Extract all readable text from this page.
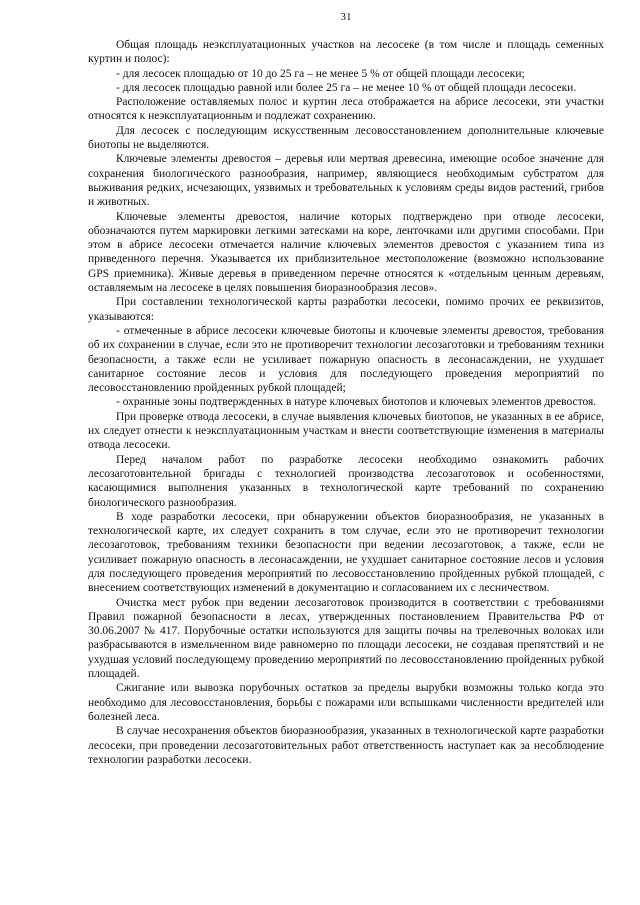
31

Общая площадь неэксплуатационных участков на лесосеке (в том числе и площадь семенных куртин и полос):

- для лесосек площадью от 10 до 25 га – не менее 5 % от общей площади лесосеки;

- для лесосек площадью равной или более 25 га – не менее 10 % от общей площади лесосеки.

Расположение оставляемых полос и куртин леса отображается на абрисе лесосеки, эти участки относятся к неэксплуатационным и подлежат сохранению.

Для лесосек с последующим искусственным лесовосстановлением дополнительные ключевые биотопы не выделяются.

Ключевые элементы древостоя – деревья или мертвая древесина, имеющие особое значение для сохранения биологического разнообразия, например, являющиеся необходимым субстратом для выживания редких, исчезающих, уязвимых и требовательных к условиям среды видов растений, грибов и животных.

Ключевые элементы древостоя, наличие которых подтверждено при отводе лесосеки, обозначаются путем маркировки легкими затесками на коре, ленточками или другими способами. При этом в абрисе лесосеки отмечается наличие ключевых элементов древостоя с указанием типа из приведенного перечня. Указывается их приблизительное местоположение (возможно использование GPS приемника). Живые деревья в приведенном перечне относятся к «отдельным ценным деревьям, оставляемым на лесосеке в целях повышения биоразнообразия лесов».

При составлении технологической карты разработки лесосеки, помимо прочих ее реквизитов, указываются:

- отмеченные в абрисе лесосеки ключевые биотопы и ключевые элементы древостоя, требования об их сохранении в случае, если это не противоречит технологии лесозаготовки и требованиям техники безопасности, а также если не усиливает пожарную опасность в лесонасаждении, не ухудшает санитарное состояние лесов и условия для последующего проведения мероприятий по лесовосстановлению пройденных рубкой площадей;

- охранные зоны подтвержденных в натуре ключевых биотопов и ключевых элементов древостоя.

При проверке отвода лесосеки, в случае выявления ключевых биотопов, не указанных в ее абрисе, их следует отнести к неэксплуатационным участкам и внести соответствующие изменения в материалы отвода лесосеки.

Перед началом работ по разработке лесосеки необходимо ознакомить рабочих лесозаготовительной бригады с технологией производства лесозаготовок и особенностями, касающимися выполнения указанных в технологической карте требований по сохранению биологического разнообразия.

В ходе разработки лесосеки, при обнаружении объектов биоразнообразия, не указанных в технологической карте, их следует сохранить в том случае, если это не противоречит технологии лесозаготовок, требованиям техники безопасности при ведении лесозаготовок, а также, если не усиливает пожарную опасность в лесонасаждении, не ухудшает санитарное состояние лесов и условия для последующего проведения мероприятий по лесовосстановлению пройденных рубкой площадей, с внесением соответствующих изменений в документацию и согласованием их с лесничеством.

Очистка мест рубок при ведении лесозаготовок производится в соответствии с требованиями Правил пожарной безопасности в лесах, утвержденных постановлением Правительства РФ от 30.06.2007 № 417. Порубочные остатки используются для защиты почвы на трелевочных волоках или разбрасываются в измельченном виде равномерно по площади лесосеки, не создавая препятствий и не ухудшая условий последующему проведению мероприятий по лесовосстановлению пройденных рубкой площадей.

Сжигание или вывозка порубочных остатков за пределы вырубки возможны только когда это необходимо для лесовосстановления, борьбы с пожарами или вспышками численности вредителей или болезней леса.

В случае несохранения объектов биоразнообразия, указанных в технологической карте разработки лесосеки, при проведении лесозаготовительных работ ответственность наступает как за несоблюдение технологии разработки лесосеки.
